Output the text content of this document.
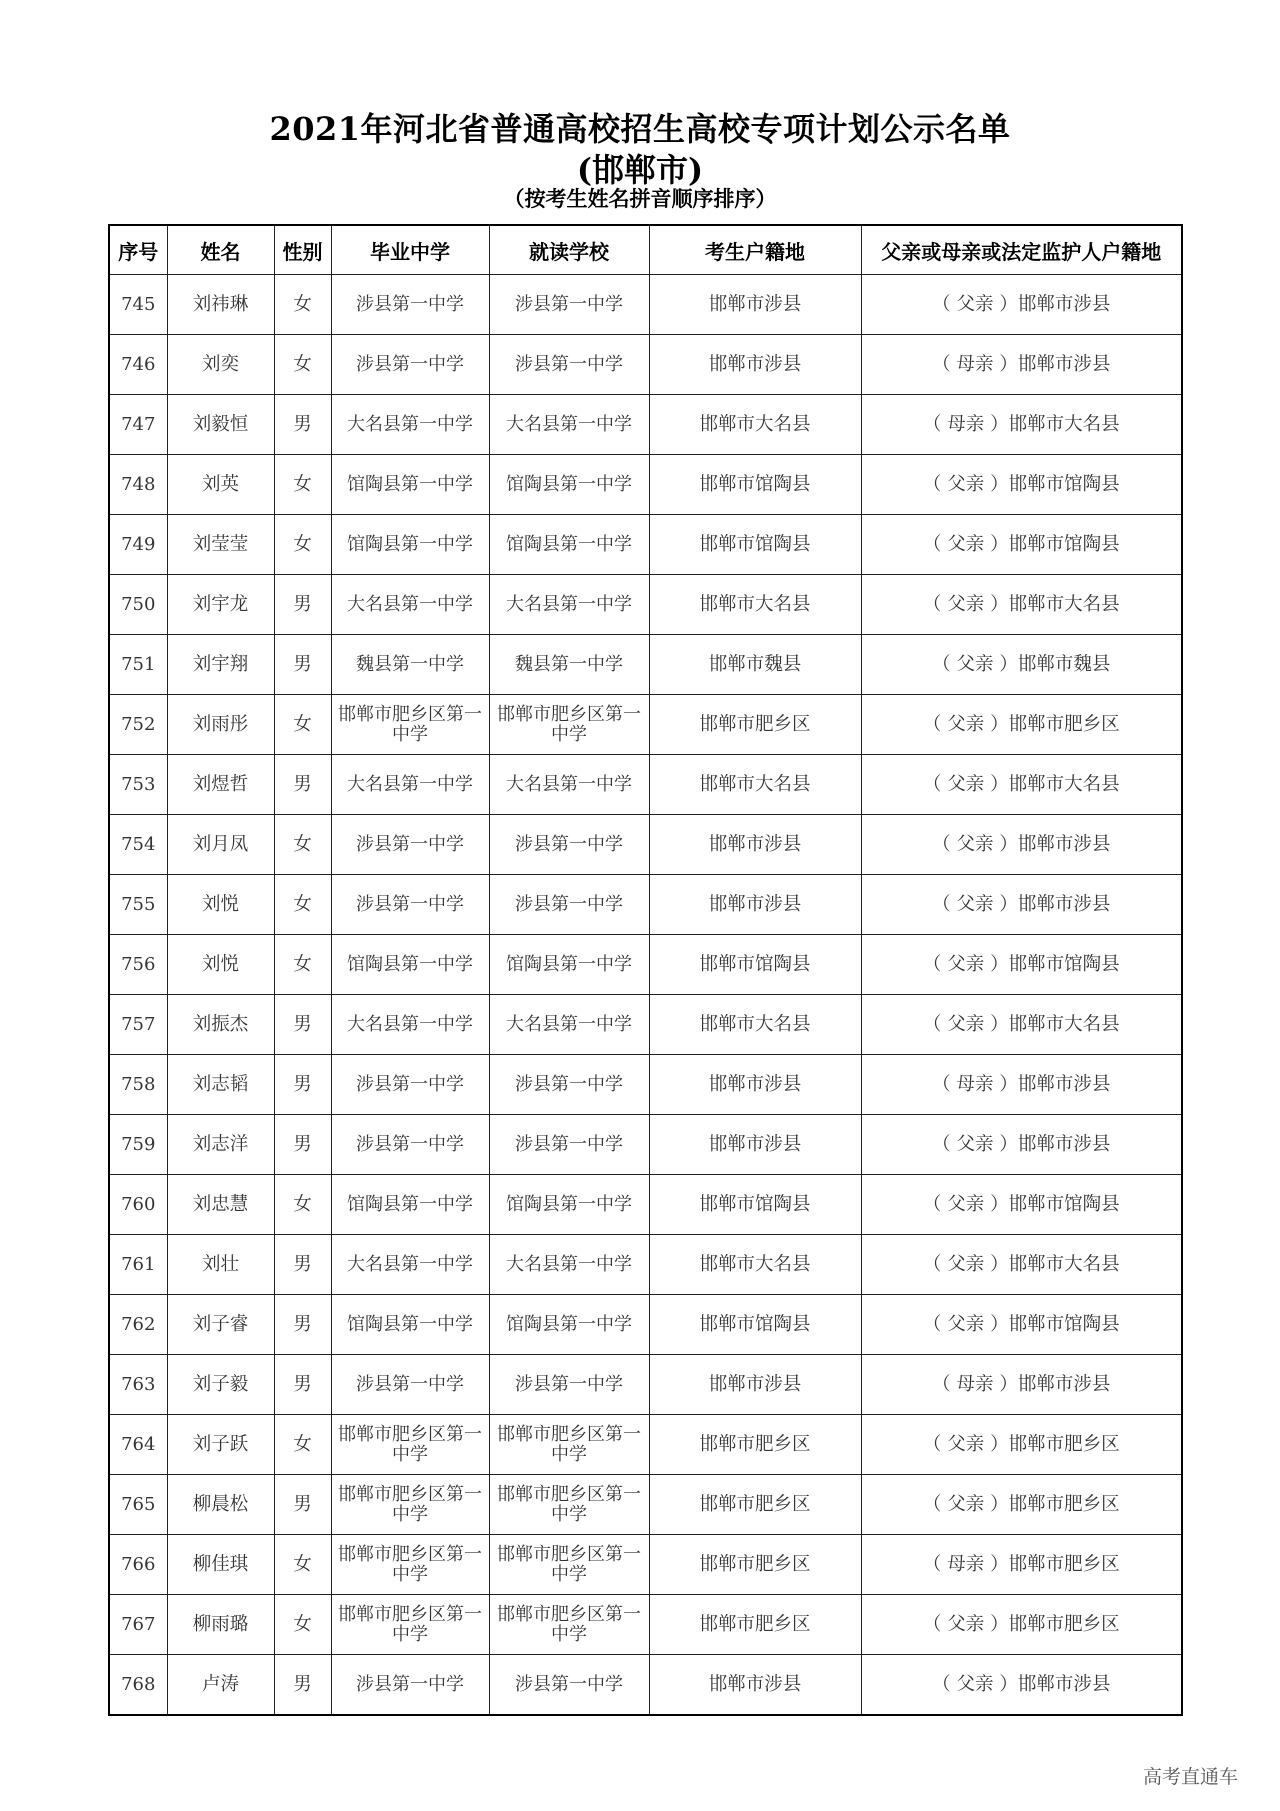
2021年河北省普通高校招生高校专项计划公示名单
(邯郸市)
（按考生姓名拼音顺序排序）
序号	姓名	性别	毕业中学	就读学校	考生户籍地	父亲或母亲或法定监护人户籍地
745	刘祎琳	女	涉县第一中学	涉县第一中学	邯郸市涉县	（ 父亲 ）邯郸市涉县
746	刘奕	女	涉县第一中学	涉县第一中学	邯郸市涉县	（ 母亲 ）邯郸市涉县
747	刘毅恒	男	大名县第一中学	大名县第一中学	邯郸市大名县	（ 母亲 ）邯郸市大名县
748	刘英	女	馆陶县第一中学	馆陶县第一中学	邯郸市馆陶县	（ 父亲 ）邯郸市馆陶县
749	刘莹莹	女	馆陶县第一中学	馆陶县第一中学	邯郸市馆陶县	（ 父亲 ）邯郸市馆陶县
750	刘宇龙	男	大名县第一中学	大名县第一中学	邯郸市大名县	（ 父亲 ）邯郸市大名县
751	刘宇翔	男	魏县第一中学	魏县第一中学	邯郸市魏县	（ 父亲 ）邯郸市魏县
752	刘雨彤	女	邯郸市肥乡区第一中学	邯郸市肥乡区第一中学	邯郸市肥乡区	（ 父亲 ）邯郸市肥乡区
753	刘煜哲	男	大名县第一中学	大名县第一中学	邯郸市大名县	（ 父亲 ）邯郸市大名县
754	刘月凤	女	涉县第一中学	涉县第一中学	邯郸市涉县	（ 父亲 ）邯郸市涉县
755	刘悦	女	涉县第一中学	涉县第一中学	邯郸市涉县	（ 父亲 ）邯郸市涉县
756	刘悦	女	馆陶县第一中学	馆陶县第一中学	邯郸市馆陶县	（ 父亲 ）邯郸市馆陶县
757	刘振杰	男	大名县第一中学	大名县第一中学	邯郸市大名县	（ 父亲 ）邯郸市大名县
758	刘志韬	男	涉县第一中学	涉县第一中学	邯郸市涉县	（ 母亲 ）邯郸市涉县
759	刘志洋	男	涉县第一中学	涉县第一中学	邯郸市涉县	（ 父亲 ）邯郸市涉县
760	刘忠慧	女	馆陶县第一中学	馆陶县第一中学	邯郸市馆陶县	（ 父亲 ）邯郸市馆陶县
761	刘壮	男	大名县第一中学	大名县第一中学	邯郸市大名县	（ 父亲 ）邯郸市大名县
762	刘子睿	男	馆陶县第一中学	馆陶县第一中学	邯郸市馆陶县	（ 父亲 ）邯郸市馆陶县
763	刘子毅	男	涉县第一中学	涉县第一中学	邯郸市涉县	（ 母亲 ）邯郸市涉县
764	刘子跃	女	邯郸市肥乡区第一中学	邯郸市肥乡区第一中学	邯郸市肥乡区	（ 父亲 ）邯郸市肥乡区
765	柳晨松	男	邯郸市肥乡区第一中学	邯郸市肥乡区第一中学	邯郸市肥乡区	（ 父亲 ）邯郸市肥乡区
766	柳佳琪	女	邯郸市肥乡区第一中学	邯郸市肥乡区第一中学	邯郸市肥乡区	（ 母亲 ）邯郸市肥乡区
767	柳雨璐	女	邯郸市肥乡区第一中学	邯郸市肥乡区第一中学	邯郸市肥乡区	（ 父亲 ）邯郸市肥乡区
768	卢涛	男	涉县第一中学	涉县第一中学	邯郸市涉县	（ 父亲 ）邯郸市涉县
高考直通车
